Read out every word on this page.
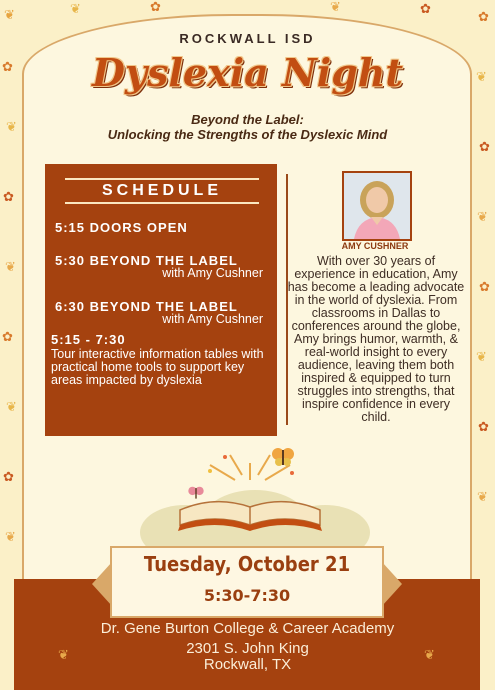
❦
✿
❦
✿
❦
✿
❦
✿
❦
✿
❦
✿
❦
✿
❦
✿
❦
❦	✿	❦	✿
ROCKWALL ISD
Dyslexia Night
Beyond the Label:
Unlocking the Strengths of the Dyslexic Mind
SCHEDULE
5:15 DOORS OPEN
5:30 BEYOND THE LABEL
with Amy Cushner
6:30 BEYOND THE LABEL
with Amy Cushner
5:15 - 7:30
Tour interactive information tables with practical home tools to support key areas impacted by dyslexia
AMY CUSHNER
With over 30 years of experience in education, Amy has become a leading advocate in the world of dyslexia. From classrooms in Dallas to conferences around the globe, Amy brings humor, warmth, & real-world insight to every audience, leaving them both inspired & equipped to turn struggles into strengths, that inspire confidence in every child.
Tuesday, October 21
5:30-7:30
Dr. Gene Burton College & Career Academy
2301 S. John King
Rockwall, TX
❦	❦
